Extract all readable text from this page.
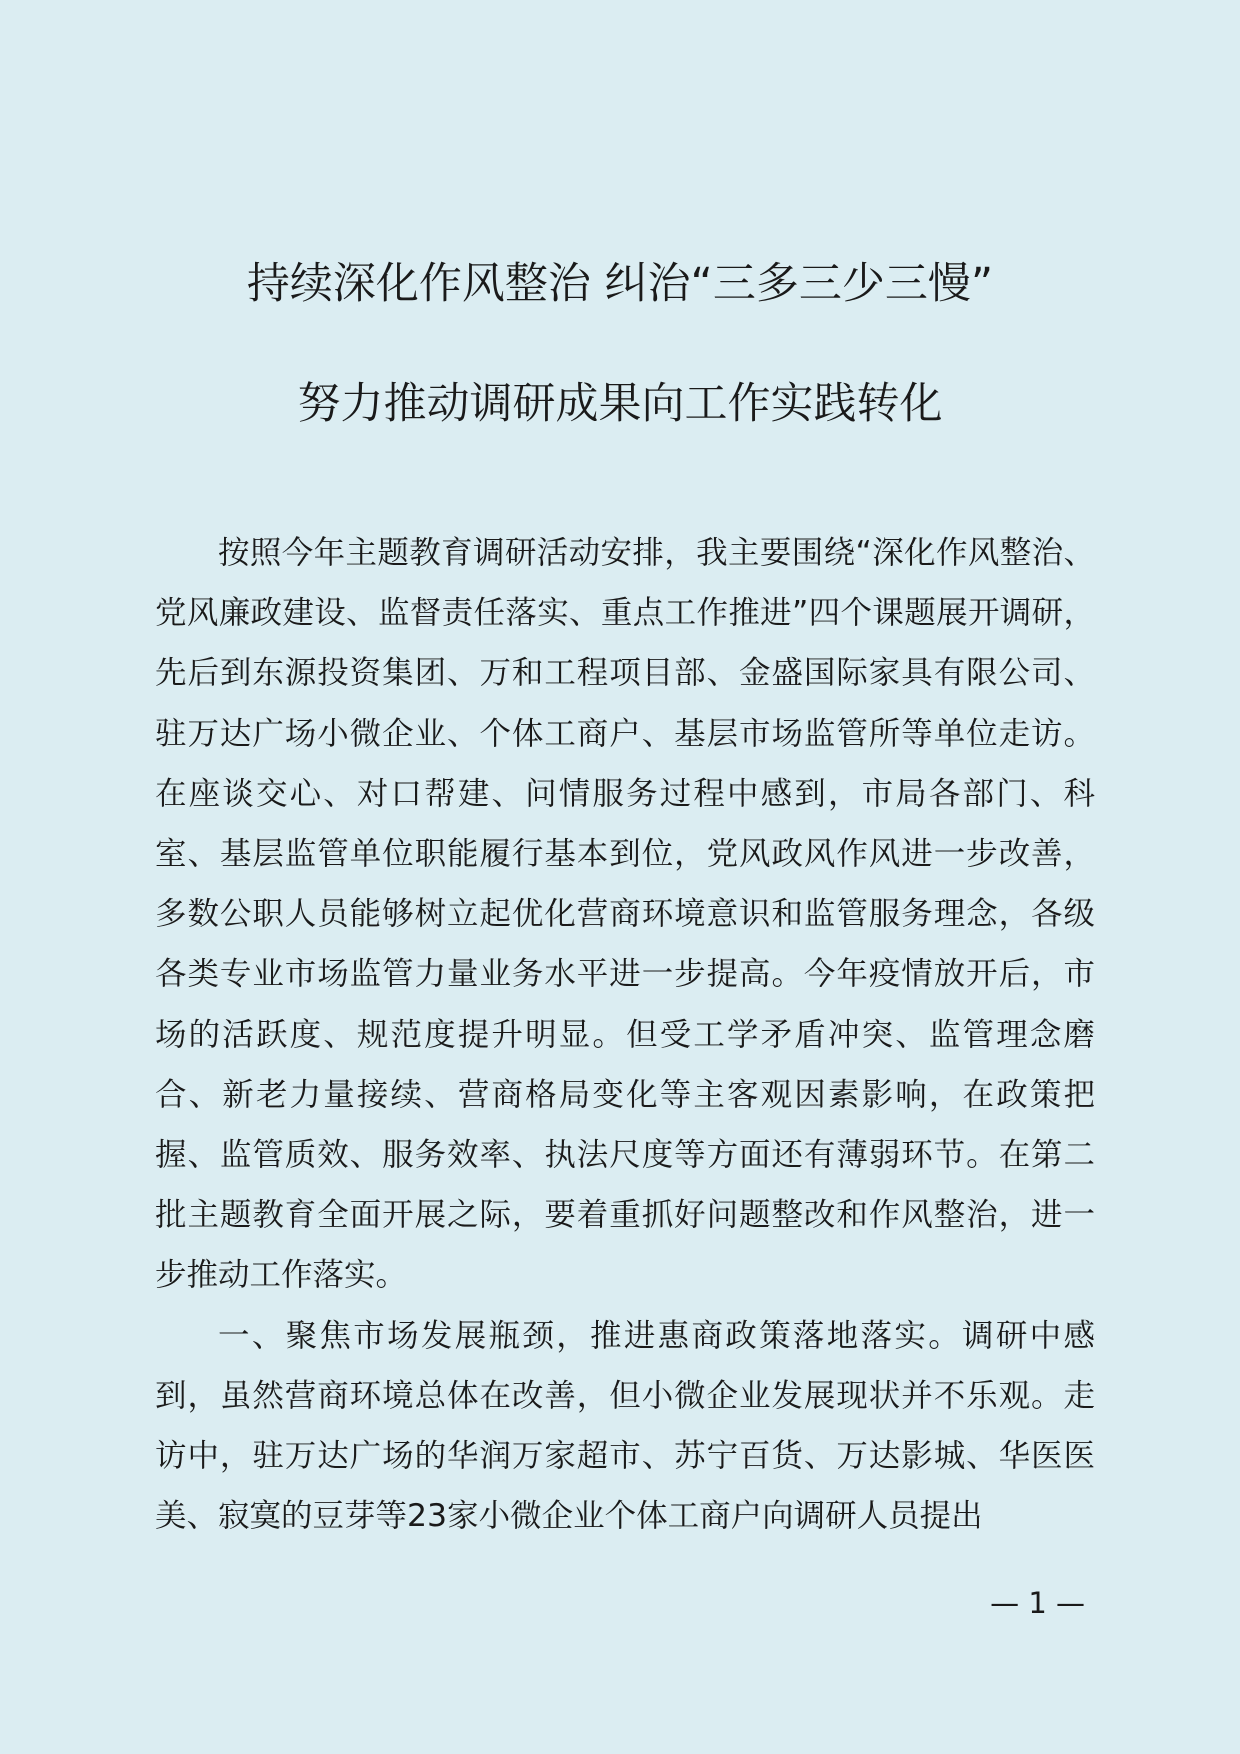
持续深化作风整治 纠治“三多三少三慢”
努力推动调研成果向工作实践转化

按照今年主题教育调研活动安排，我主要围绕“深化作风整治、党风廉政建设、监督责任落实、重点工作推进”四个课题展开调研，先后到东源投资集团、万和工程项目部、金盛国际家具有限公司、驻万达广场小微企业、个体工商户、基层市场监管所等单位走访。在座谈交心、对口帮建、问情服务过程中感到，市局各部门、科室、基层监管单位职能履行基本到位，党风政风作风进一步改善，多数公职人员能够树立起优化营商环境意识和监管服务理念，各级各类专业市场监管力量业务水平进一步提高。今年疫情放开后，市场的活跃度、规范度提升明显。但受工学矛盾冲突、监管理念磨合、新老力量接续、营商格局变化等主客观因素影响，在政策把握、监管质效、服务效率、执法尺度等方面还有薄弱环节。在第二批主题教育全面开展之际，要着重抓好问题整改和作风整治，进一步推动工作落实。

一、聚焦市场发展瓶颈，推进惠商政策落地落实。调研中感到，虽然营商环境总体在改善，但小微企业发展现状并不乐观。走访中，驻万达广场的华润万家超市、苏宁百货、万达影城、华医医美、寂寞的豆芽等23家小微企业个体工商户向调研人员提出

— 1 —
